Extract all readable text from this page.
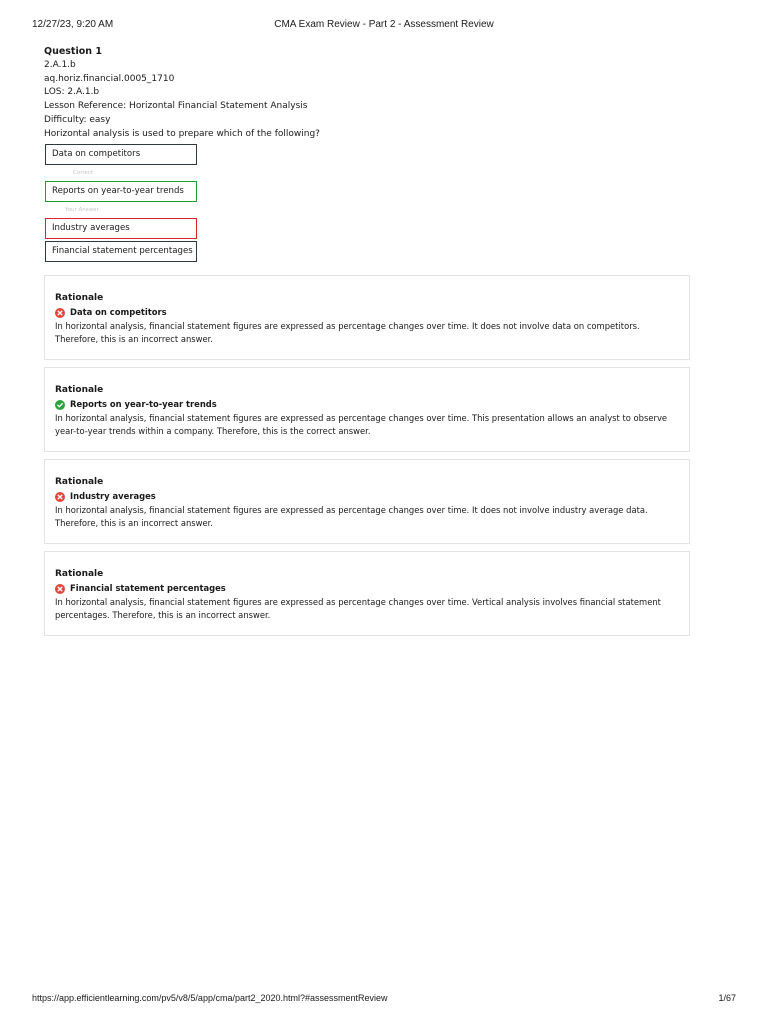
12/27/23, 9:20 AM	CMA Exam Review - Part 2 - Assessment Review
Question 1
2.A.1.b
aq.horiz.financial.0005_1710
LOS: 2.A.1.b
Lesson Reference: Horizontal Financial Statement Analysis
Difficulty: easy
Horizontal analysis is used to prepare which of the following?
Data on competitors
Correct
Reports on year-to-year trends
Your Answer
Industry averages
Financial statement percentages
Rationale
Data on competitors
In horizontal analysis, financial statement figures are expressed as percentage changes over time. It does not involve data on competitors. Therefore, this is an incorrect answer.
Rationale
Reports on year-to-year trends
In horizontal analysis, financial statement figures are expressed as percentage changes over time. This presentation allows an analyst to observe year-to-year trends within a company. Therefore, this is the correct answer.
Rationale
Industry averages
In horizontal analysis, financial statement figures are expressed as percentage changes over time. It does not involve industry average data. Therefore, this is an incorrect answer.
Rationale
Financial statement percentages
In horizontal analysis, financial statement figures are expressed as percentage changes over time. Vertical analysis involves financial statement percentages. Therefore, this is an incorrect answer.
https://app.efficientlearning.com/pv5/v8/5/app/cma/part2_2020.html?#assessmentReview	1/67
